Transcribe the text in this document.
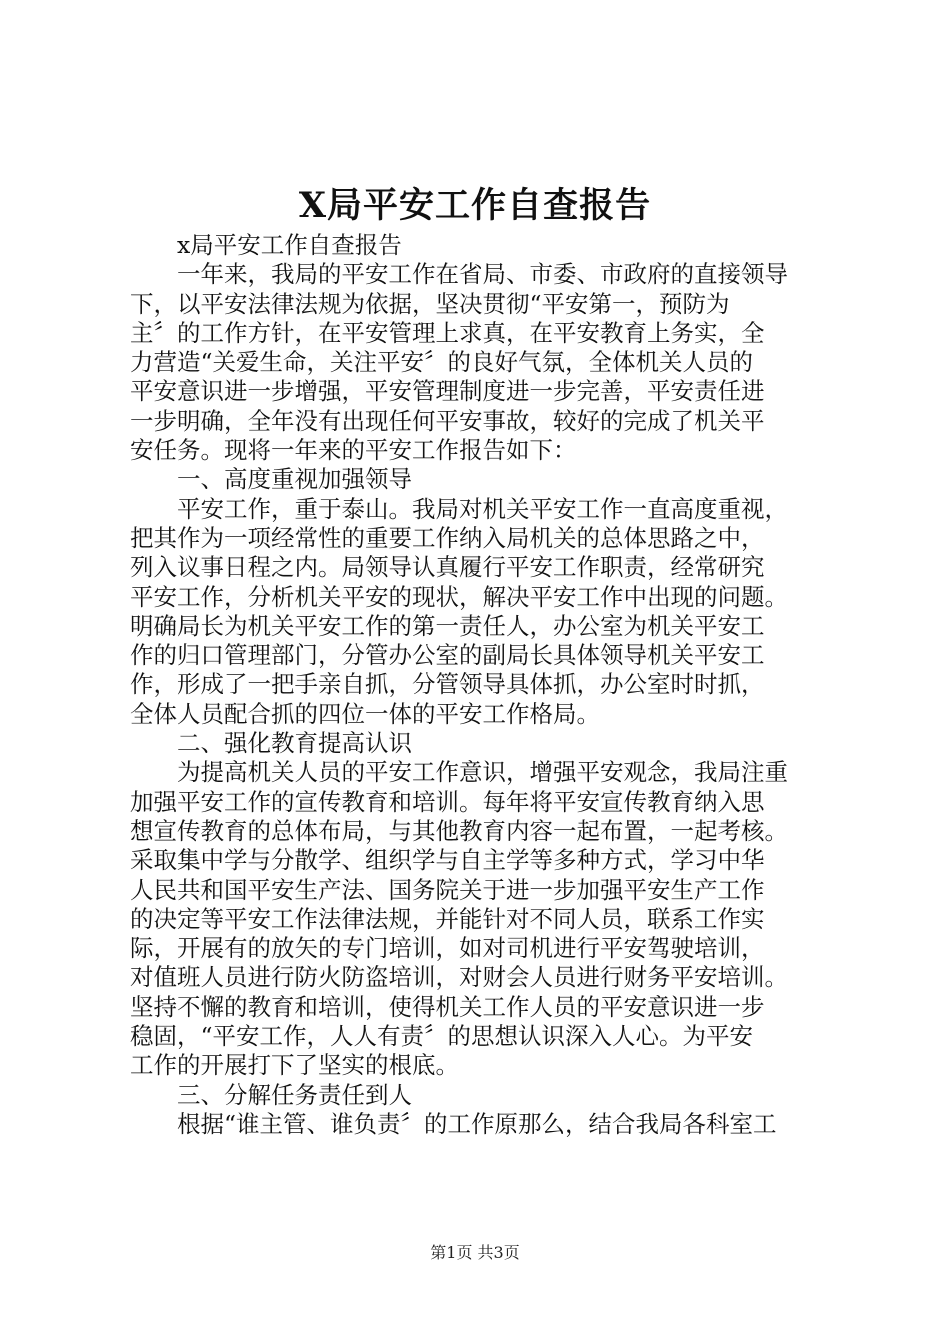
X局平安工作自查报告
x局平安工作自查报告
一年来，我局的平安工作在省局、市委、市政府的直接领导
下，以平安法律法规为依据，坚决贯彻“平安第一，预防为
主〞的工作方针，在平安管理上求真，在平安教育上务实，全
力营造“关爱生命，关注平安〞的良好气氛，全体机关人员的
平安意识进一步增强，平安管理制度进一步完善，平安责任进
一步明确，全年没有出现任何平安事故，较好的完成了机关平
安任务。现将一年来的平安工作报告如下：
一、高度重视加强领导
平安工作，重于泰山。我局对机关平安工作一直高度重视，
把其作为一项经常性的重要工作纳入局机关的总体思路之中，
列入议事日程之内。局领导认真履行平安工作职责，经常研究
平安工作，分析机关平安的现状，解决平安工作中出现的问题。
明确局长为机关平安工作的第一责任人，办公室为机关平安工
作的归口管理部门，分管办公室的副局长具体领导机关平安工
作，形成了一把手亲自抓，分管领导具体抓，办公室时时抓，
全体人员配合抓的四位一体的平安工作格局。
二、强化教育提高认识
为提高机关人员的平安工作意识，增强平安观念，我局注重
加强平安工作的宣传教育和培训。每年将平安宣传教育纳入思
想宣传教育的总体布局，与其他教育内容一起布置，一起考核。
采取集中学与分散学、组织学与自主学等多种方式，学习中华
人民共和国平安生产法、国务院关于进一步加强平安生产工作
的决定等平安工作法律法规，并能针对不同人员，联系工作实
际，开展有的放矢的专门培训，如对司机进行平安驾驶培训，
对值班人员进行防火防盗培训，对财会人员进行财务平安培训。
坚持不懈的教育和培训，使得机关工作人员的平安意识进一步
稳固，“平安工作，人人有责〞的思想认识深入人心。为平安
工作的开展打下了坚实的根底。
三、分解任务责任到人
根据“谁主管、谁负责〞的工作原那么，结合我局各科室工
第1页 共3页
